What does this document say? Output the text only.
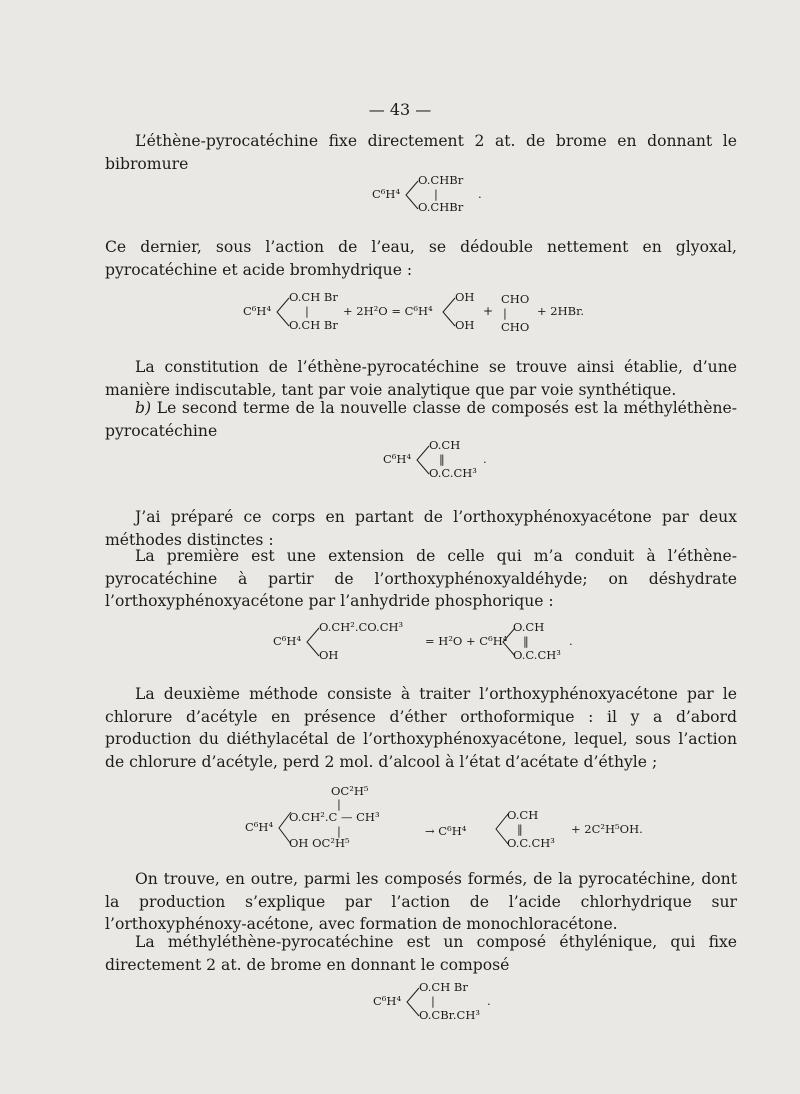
— 43 —

L’éthène-pyrocatéchine fixe directement 2 at. de brome en donnant le bibromure

C⁶H⁴
O.CHBr
|
O.CHBr
.

Ce dernier, sous l’action de l’eau, se dédouble nettement en glyoxal, pyrocatéchine et acide bromhydrique :

C⁶H⁴
O.CH Br
|
O.CH Br
+ 2H²O = C⁶H⁴
OH
OH
+
CHO
|
CHO
+ 2HBr.

La constitution de l’éthène-pyrocatéchine se trouve ainsi établie, d’une manière indiscutable, tant par voie analytique que par voie synthétique.

b) Le second terme de la nouvelle classe de composés est la méthyléthène-pyrocatéchine

C⁶H⁴
O.CH
‖
O.C.CH³
.

J’ai préparé ce corps en partant de l’orthoxyphénoxyacétone par deux méthodes distinctes :

La première est une extension de celle qui m’a conduit à l’éthène-pyrocatéchine à partir de l’orthoxyphénoxyaldéhyde; on déshydrate l’orthoxyphénoxyacétone par l’anhydride phosphorique :

C⁶H⁴
O.CH².CO.CH³
OH
= H²O + C⁶H⁴
O.CH
‖
O.C.CH³
.

La deuxième méthode consiste à traiter l’orthoxyphénoxyacétone par le chlorure d’acétyle en présence d’éther orthoformique : il y a d’abord production du diéthylacétal de l’orthoxyphénoxyacétone, lequel, sous l’action de chlorure d’acétyle, perd 2 mol. d’alcool à l’état d’acétate d’éthyle ;

OC²H⁵
|
C⁶H⁴
O.CH².C — CH³
|
OH OC²H⁵
→ C⁶H⁴
O.CH
‖
O.C.CH³
+ 2C²H⁵OH.

On trouve, en outre, parmi les composés formés, de la pyrocatéchine, dont la production s’explique par l’action de l’acide chlorhydrique sur l’orthoxyphénoxy-acétone, avec formation de monochloracétone.

La méthyléthène-pyrocatéchine est un composé éthylénique, qui fixe directement 2 at. de brome en donnant le composé

C⁶H⁴
O.CH Br
|
O.CBr.CH³
.
